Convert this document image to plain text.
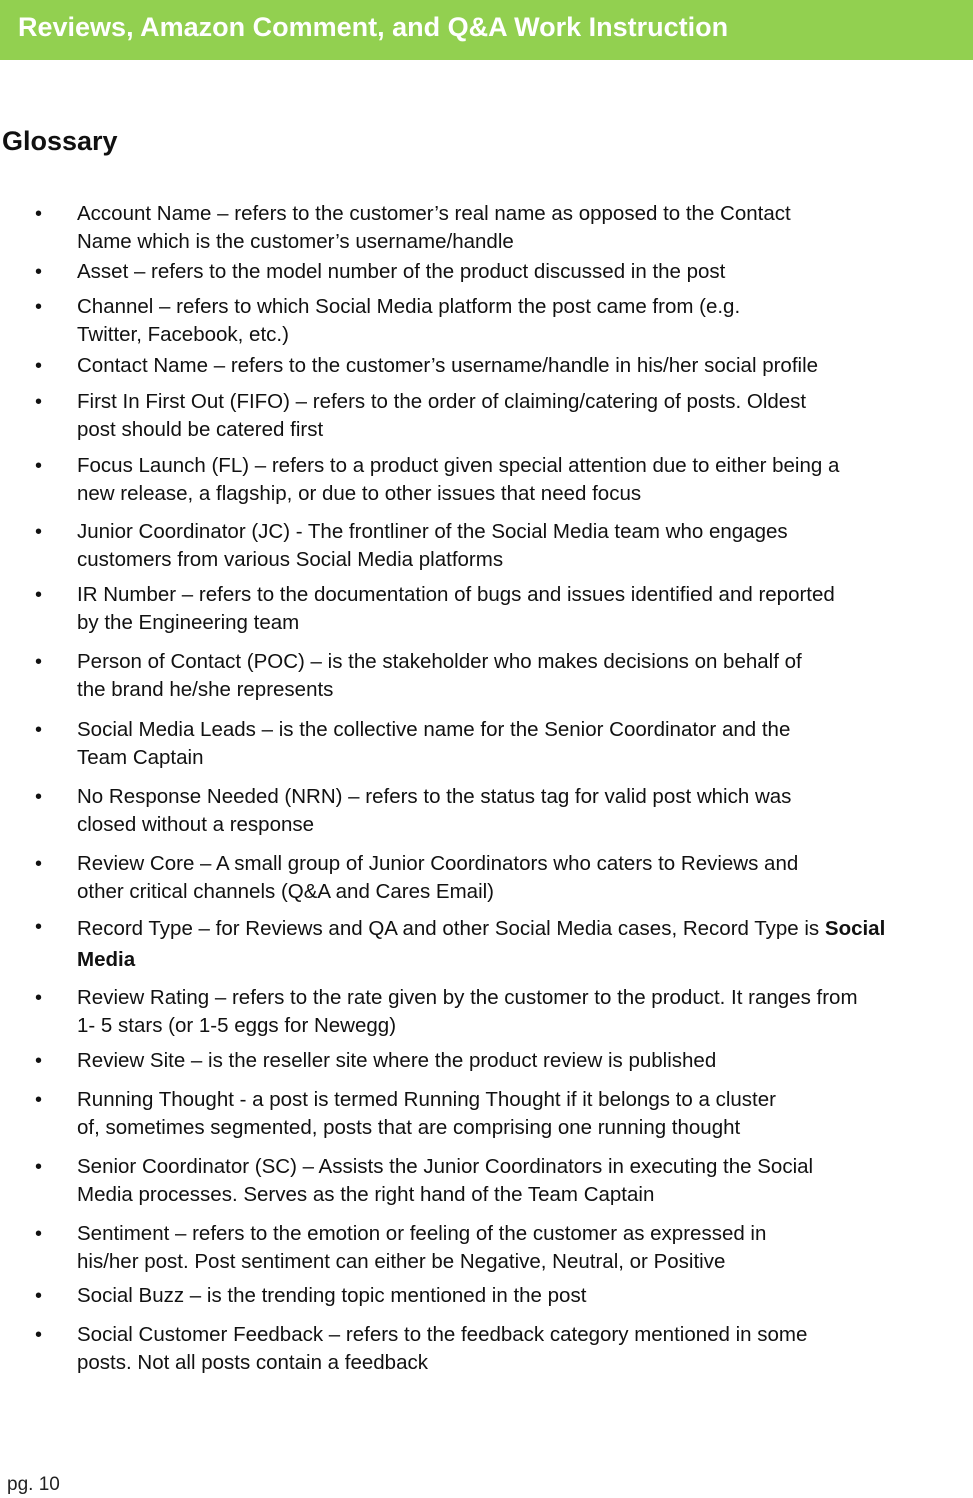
Reviews, Amazon Comment, and Q&A Work Instruction
Glossary
• Account Name – refers to the customer’s real name as opposed to the Contact
Name which is the customer’s username/handle
• Asset – refers to the model number of the product discussed in the post
• Channel – refers to which Social Media platform the post came from (e.g.
Twitter, Facebook, etc.)
• Contact Name – refers to the customer’s username/handle in his/her social profile
• First In First Out (FIFO) – refers to the order of claiming/catering of posts. Oldest
post should be catered first
• Focus Launch (FL) – refers to a product given special attention due to either being a
new release, a flagship, or due to other issues that need focus
• Junior Coordinator (JC) - The frontliner of the Social Media team who engages
customers from various Social Media platforms
• IR Number – refers to the documentation of bugs and issues identified and reported
by the Engineering team
• Person of Contact (POC) – is the stakeholder who makes decisions on behalf of
the brand he/she represents
• Social Media Leads – is the collective name for the Senior Coordinator and the
Team Captain
• No Response Needed (NRN) – refers to the status tag for valid post which was
closed without a response
• Review Core – A small group of Junior Coordinators who caters to Reviews and
other critical channels (Q&A and Cares Email)
• Record Type – for Reviews and QA and other Social Media cases, Record Type is Social
Media
• Review Rating – refers to the rate given by the customer to the product. It ranges from
1- 5 stars (or 1-5 eggs for Newegg)
• Review Site – is the reseller site where the product review is published
• Running Thought - a post is termed Running Thought if it belongs to a cluster
of, sometimes segmented, posts that are comprising one running thought
• Senior Coordinator (SC) – Assists the Junior Coordinators in executing the Social
Media processes. Serves as the right hand of the Team Captain
• Sentiment – refers to the emotion or feeling of the customer as expressed in
his/her post. Post sentiment can either be Negative, Neutral, or Positive
• Social Buzz – is the trending topic mentioned in the post
• Social Customer Feedback – refers to the feedback category mentioned in some
posts. Not all posts contain a feedback
pg. 10
